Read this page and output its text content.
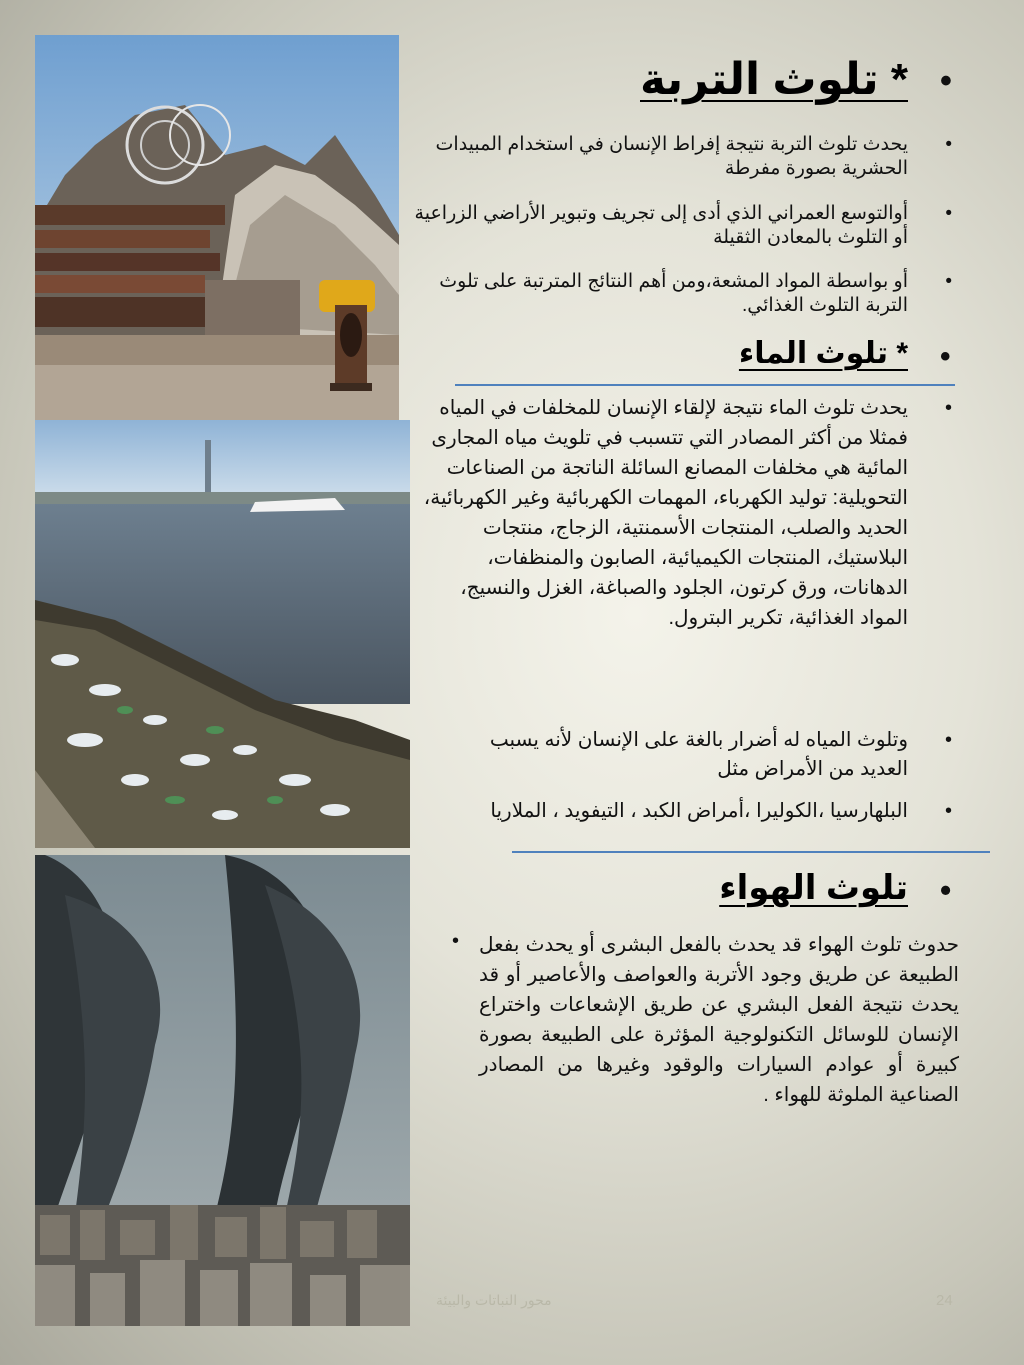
* تلوث التربة •
يحدث تلوث التربة نتيجة إفراط الإنسان في استخدام المبيدات الحشرية بصورة مفرطة
•
أوالتوسع العمراني الذي أدى إلى تجريف وتبوير الأراضي الزراعية أو التلوث بالمعادن الثقيلة
•
أو بواسطة المواد المشعة،ومن أهم النتائج المترتبة على تلوث التربة التلوث الغذائي.
•
* تلوث الماء •
يحدث تلوث الماء نتيجة لإلقاء الإنسان للمخلفات في المياه فمثلا من أكثر المصادر التي تتسبب في تلويث مياه المجارى المائية هي مخلفات المصانع السائلة الناتجة من الصناعات التحويلية: توليد الكهرباء، المهمات الكهربائية وغير الكهربائية، الحديد والصلب، المنتجات الأسمنتية، الزجاج، منتجات البلاستيك، المنتجات الكيميائية، الصابون والمنظفات، الدهانات، ورق كرتون، الجلود والصباغة، الغزل والنسيج، المواد الغذائية، تكرير البترول.
•
وتلوث المياه له أضرار بالغة على الإنسان لأنه يسبب العديد من الأمراض مثل
•
البلهارسيا ،الكوليرا ،أمراض الكبد ، التيفويد ، الملاريا •
تلوث الهواء •
حدوث تلوث الهواء قد يحدث بالفعل البشرى أو يحدث بفعل الطبيعة عن طريق وجود الأتربة والعواصف والأعاصير أو قد يحدث نتيجة الفعل البشري عن طريق الإشعاعات واختراع الإنسان للوسائل التكنولوجية المؤثرة على الطبيعة بصورة كبيرة أو عوادم السيارات والوقود وغيرها من المصادر الصناعية الملوثة للهواء .
•
محور النباتات والبيئة	24
